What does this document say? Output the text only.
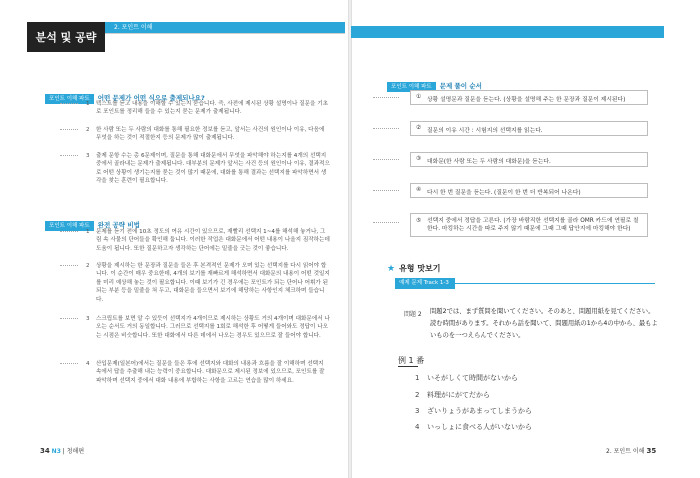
분석 및 공략
2. 포인트 이해
포인트 이해 파트 어떤 문제가 어떤 식으로 출제되나요?
1	텍스트를 듣고 내용을 이해할 수 있는지 묻습니다. 즉, 사전에 제시된 상황 설명이나 질문을 기초로 포인트를 정리해 들을 수 있는지 묻는 문제가 출제됩니다.
2	한 사람 또는 두 사람의 대화를 통해 필요한 정보를 듣고, 앞서는 사건의 원인이나 이유, 다음에 무엇을 하는 것이 적절한지 등의 문제가 많이 출제됩니다.
3	출제 문항 수는 총 6문제이며, 질문을 통해 대화문에서 무엇을 파악해야 하는지를 4개의 선택지 중에서 골라내는 문제가 출제됩니다. 대부분의 문제가 앞서는 사건 등의 원인이나 이유, 결과적으로 어떤 상황이 생기는지를 묻는 것이 많기 때문에, 대화를 통해 결과는 선택지를 파악하면서 생각을 찾는 훈련이 필요합니다.
포인트 이해 파트 완전 공략 비법
1	문제를 듣기 전에 10초 정도의 여유 시간이 있으므로, 재빨리 선택지 1~4를 해석해 놓거나, 그림 속 사물의 단어들을 확인해 둡니다. 이러한 작업은 대화문에서 어떤 내용이 나올지 짐작하는데 도움이 됩니다. 또한 질문하고자 생각하는 단어에는 밑줄을 긋는 것이 좋습니다.
2	상황을 제시하는 한 문장과 질문을 들은 후 본격적인 문제가 오며 있는 선택지를 다시 읽어야 합니다. 이 순간이 매우 중요한데, 4개의 보기를 재빠르게 해석하면서 대화문의 내용이 어떤 것일지를 미리 예상해 놓는 것이 필요합니다. 이때 보기가 긴 경우에는 포인트가 되는 단어나 어휘가 된 되는 부분 등을 밑줄을 쳐 두고, 대화문을 들으면서 보기에 해당하는 사항인지 체크하며 들습니다.
3	스크립트를 보면 알 수 있듯이 선택지가 4개이므로 제시하는 상황도 거의 4개이며 대화문에서 나오는 순서도 거의 동일합니다. 그러므로 선택지를 1회로 해석한 후 어떻게 들어와도 정답이 나오는 시점은 비슷합니다. 또한 대화에서 다른 데에서 나오는 경우도 있으므로 잘 들어야 합니다.
4	산입문제(일본어)에서는 질문을 들은 후에 선택지와 대화의 내용과 흐름을 잘 이해하며 선택지 속에서 답을 추출해 내는 능력이 중요합니다. 대화문으로 제시된 정보에 있으므로, 포인트를 잘 파악하며 선택지 중에서 대화 내용에 부합하는 사항을 고르는 연습을 많이 하세요.
34 N3 | 청해편
포인트 이해 파트 문제 풀이 순서
① 상황 설명문과 질문을 듣는다. (상황을 설명해 주는 한 문장과 질문이 제시된다)
② 질문의 이유 시간 : 시험지의 선택지를 읽는다.
③ 대화문(한 사람 또는 두 사람의 대화문)을 듣는다.
④ 다시 한 번 질문을 듣는다. (질문이 한 번 더 반복되어 나온다)
⑤ 선택지 중에서 정답을 고른다. (가장 바람직한 선택지를 골라 OMR 카드에 연필로 칠한다. 마킹하는 시간을 따로 주지 않기 때문에 그때 그때 답안지에 마킹해야 한다)
★ 유형 맛보기
예제 문제 Track 1-3
問題 2 問題2では、まず質問を聞いてください。そのあと、問題用紙を見てください。読む時間があります。それから話を聞いて、問題用紙の1から4の中から、最もよいものを一つえらんでください。
例 1 番
1 いそがしくて時間がないから
2 料理がにがてだから
3 ざいりょうがあまってしまうから
4 いっしょに食べる人がいないから
2. 포인트 이해 35
